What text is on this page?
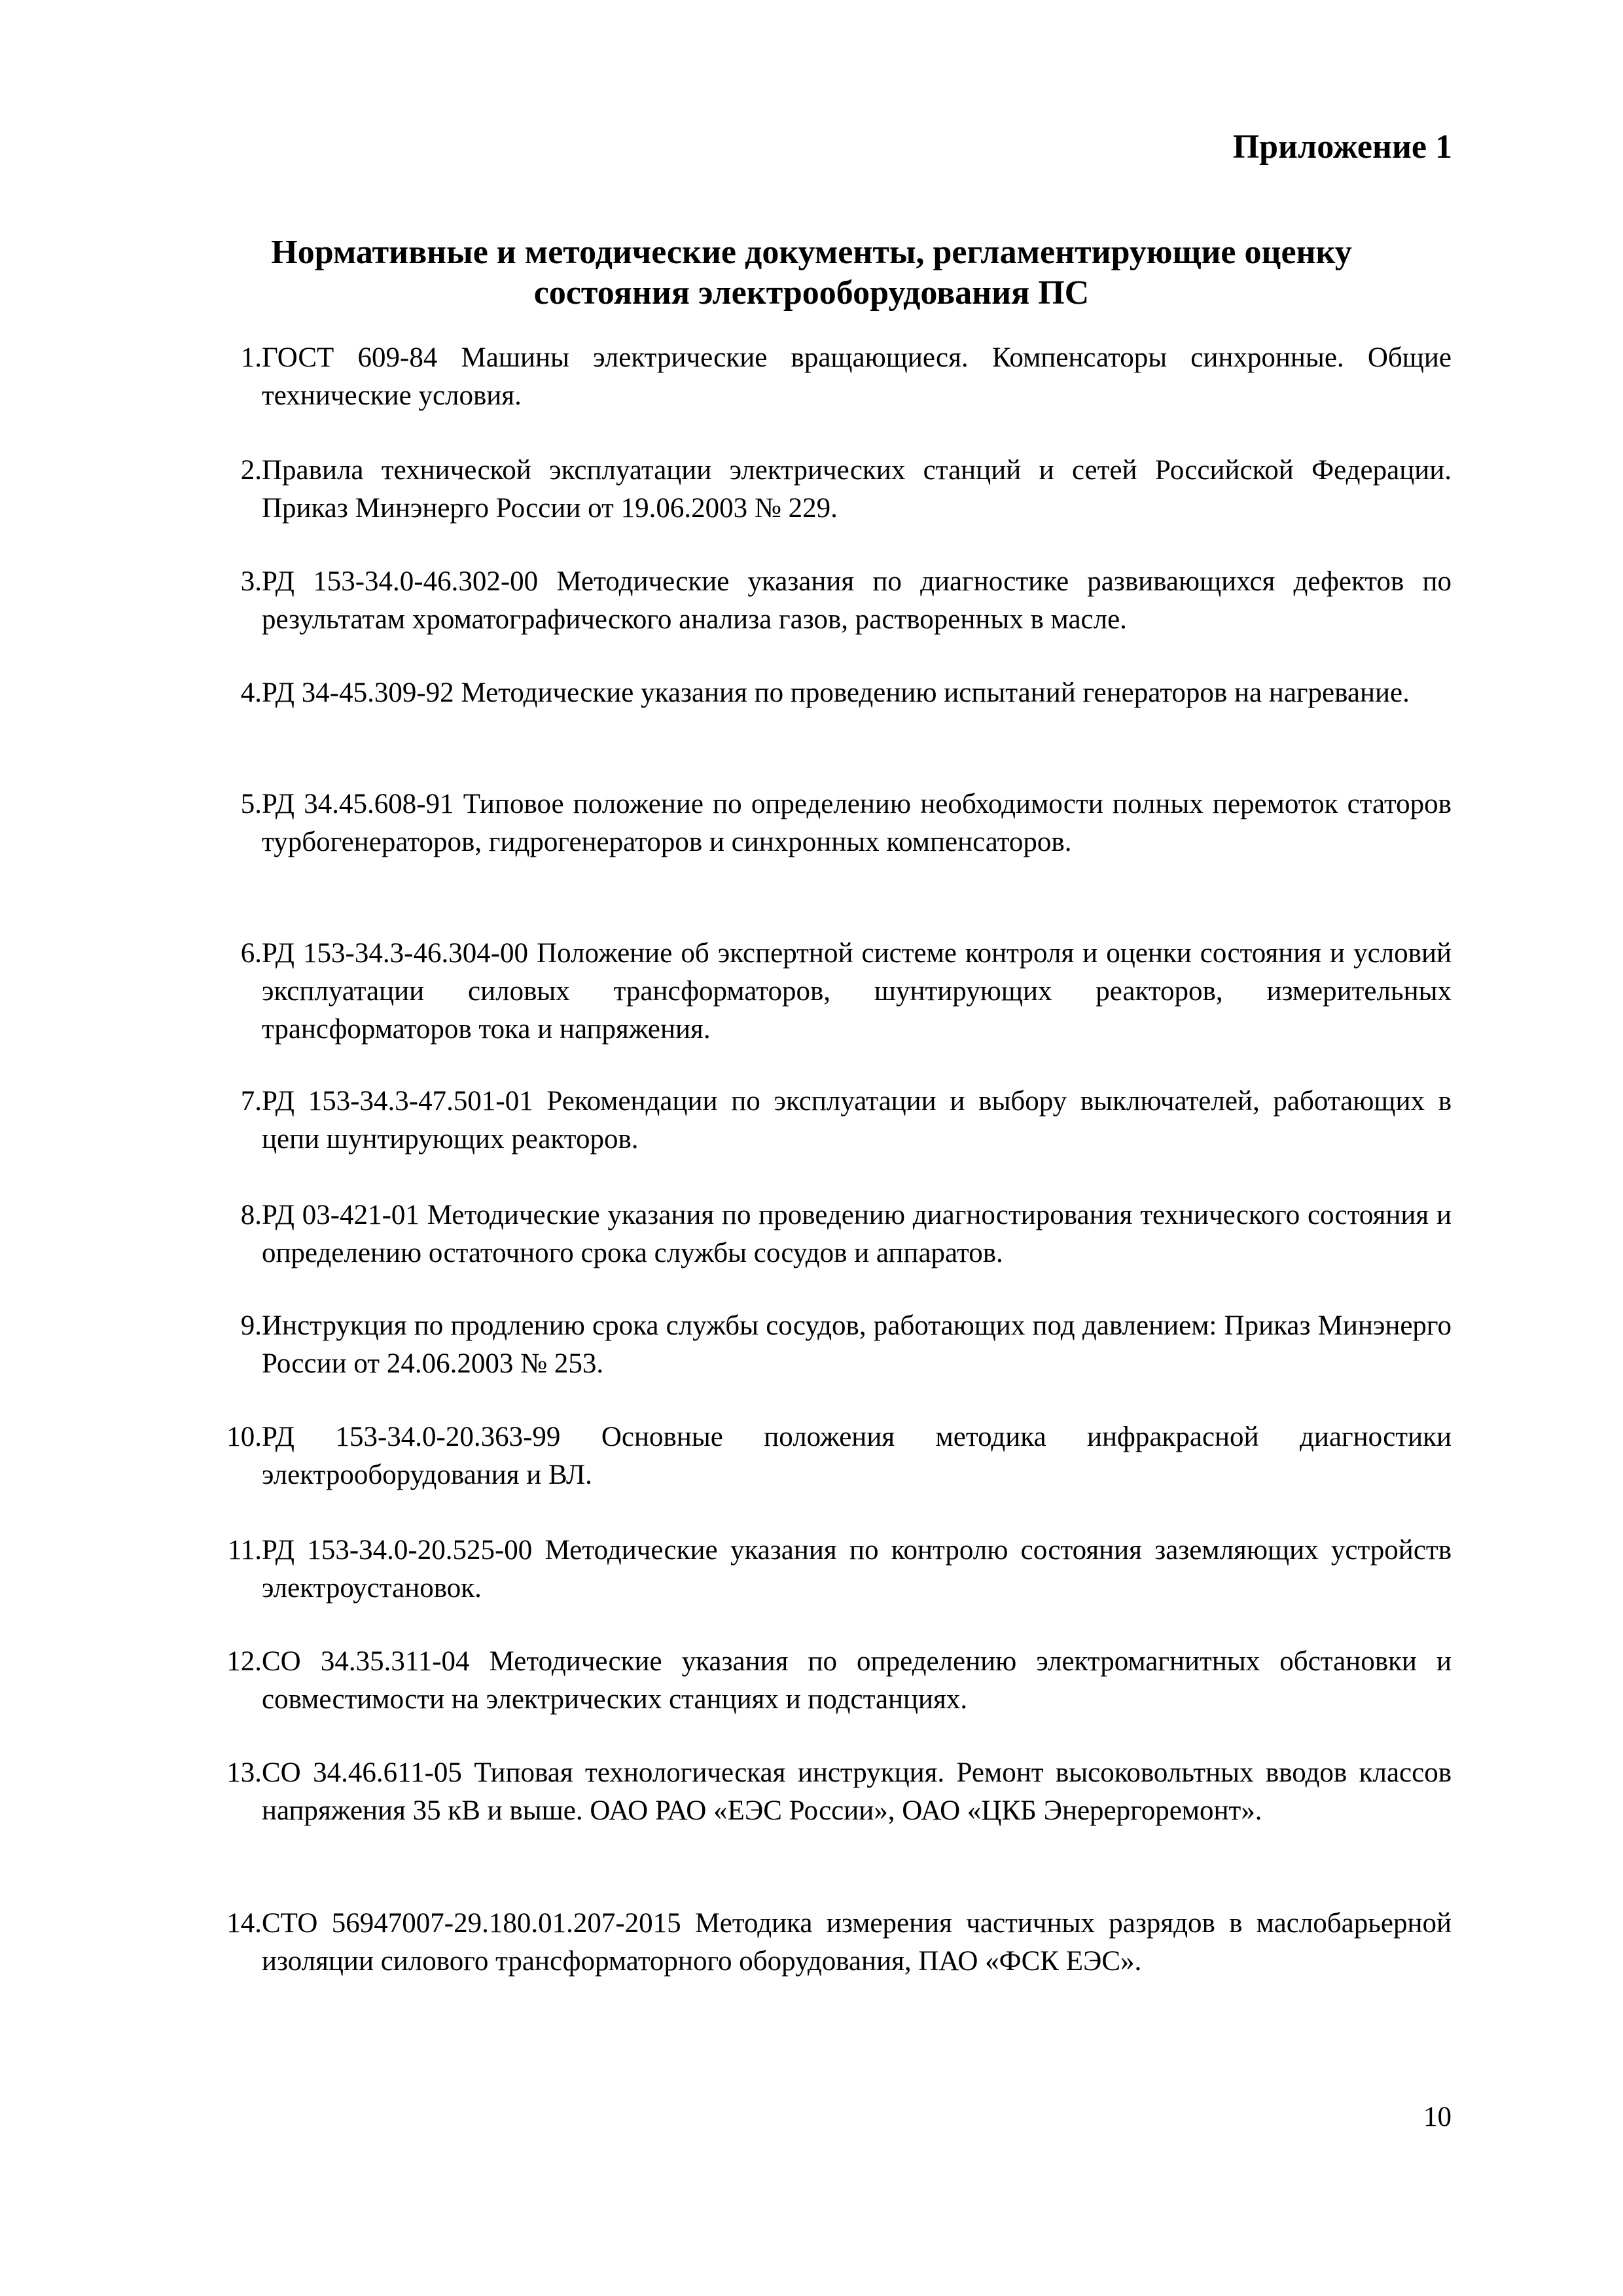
Приложение 1
Нормативные и методические документы, регламентирующие оценку
состояния электрооборудования ПС
1. ГОСТ 609-84 Машины электрические вращающиеся. Компенсаторы синхронные. Общие технические условия.
2. Правила технической эксплуатации электрических станций и сетей Российской Федерации. Приказ Минэнерго России от 19.06.2003 № 229.
3. РД 153-34.0-46.302-00 Методические указания по диагностике развивающихся дефектов по результатам хроматографического анализа газов, растворенных в масле.
4. РД 34-45.309-92 Методические указания по проведению испытаний генераторов на нагревание.
5. РД 34.45.608-91 Типовое положение по определению необходимости полных перемоток статоров турбогенераторов, гидрогенераторов и синхронных компенсаторов.
6. РД 153-34.3-46.304-00 Положение об экспертной системе контроля и оценки состояния и условий эксплуатации силовых трансформаторов, шунтирующих реакторов, измерительных трансформаторов тока и напряжения.
7. РД 153-34.3-47.501-01 Рекомендации по эксплуатации и выбору выключателей, работающих в цепи шунтирующих реакторов.
8. РД 03-421-01 Методические указания по проведению диагностирования технического состояния и определению остаточного срока службы сосудов и аппаратов.
9. Инструкция по продлению срока службы сосудов, работающих под давлением: Приказ Минэнерго России от 24.06.2003 № 253.
10. РД 153-34.0-20.363-99 Основные положения методика инфракрасной диагностики электрооборудования и ВЛ.
11. РД 153-34.0-20.525-00 Методические указания по контролю состояния заземляющих устройств электроустановок.
12. СО 34.35.311-04 Методические указания по определению электромагнитных обстановки и совместимости на электрических станциях и подстанциях.
13. СО 34.46.611-05 Типовая технологическая инструкция. Ремонт высоковольтных вводов классов напряжения 35 кВ и выше. ОАО РАО «ЕЭС России», ОАО «ЦКБ Энерергоремонт».
14. СТО 56947007-29.180.01.207-2015 Методика измерения частичных разрядов в маслобарьерной изоляции силового трансформаторного оборудования, ПАО «ФСК ЕЭС».
10
